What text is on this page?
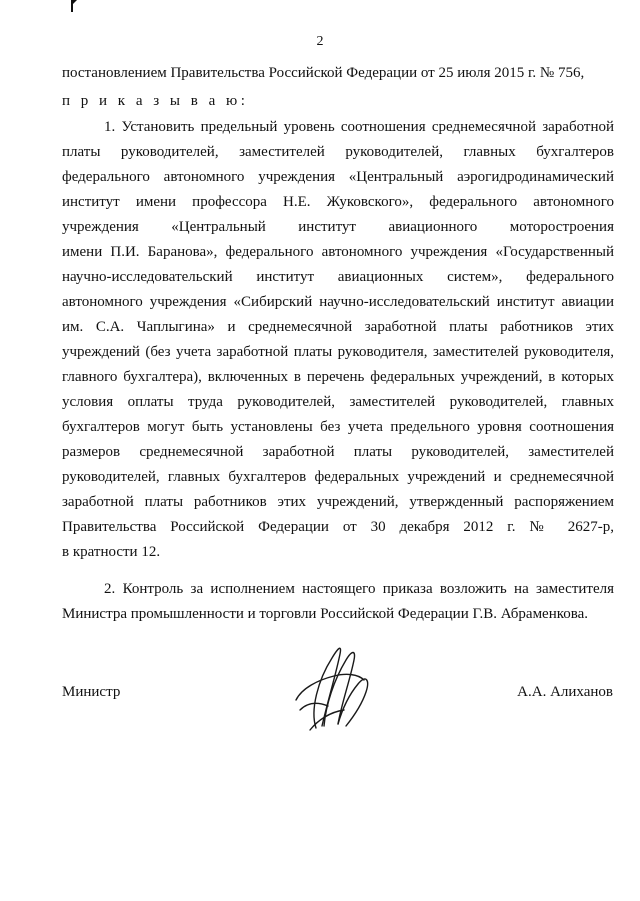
2
постановлением Правительства Российской Федерации от 25 июля 2015 г. № 756,
п р и к а з ы в а ю:
1. Установить предельный уровень соотношения среднемесячной заработной
платы руководителей, заместителей руководителей, главных бухгалтеров
федерального автономного учреждения «Центральный аэрогидродинамический
институт имени профессора Н.Е. Жуковского», федерального автономного
учреждения «Центральный институт авиационного моторостроения
имени П.И. Баранова», федерального автономного учреждения «Государственный
научно-исследовательский институт авиационных систем», федерального
автономного учреждения «Сибирский научно-исследовательский институт авиации
им. С.А. Чаплыгина» и среднемесячной заработной платы работников этих
учреждений (без учета заработной платы руководителя, заместителей руководителя,
главного бухгалтера), включенных в перечень федеральных учреждений, в которых
условия оплаты труда руководителей, заместителей руководителей, главных
бухгалтеров могут быть установлены без учета предельного уровня соотношения
размеров среднемесячной заработной платы руководителей, заместителей
руководителей, главных бухгалтеров федеральных учреждений и среднемесячной
заработной платы работников этих учреждений, утвержденный распоряжением
Правительства Российской Федерации от 30 декабря 2012 г. № 2627-р,
в кратности 12.
2. Контроль за исполнением настоящего приказа возложить на заместителя
Министра промышленности и торговли Российской Федерации Г.В. Абраменкова.
Министр	А.А. Алиханов
